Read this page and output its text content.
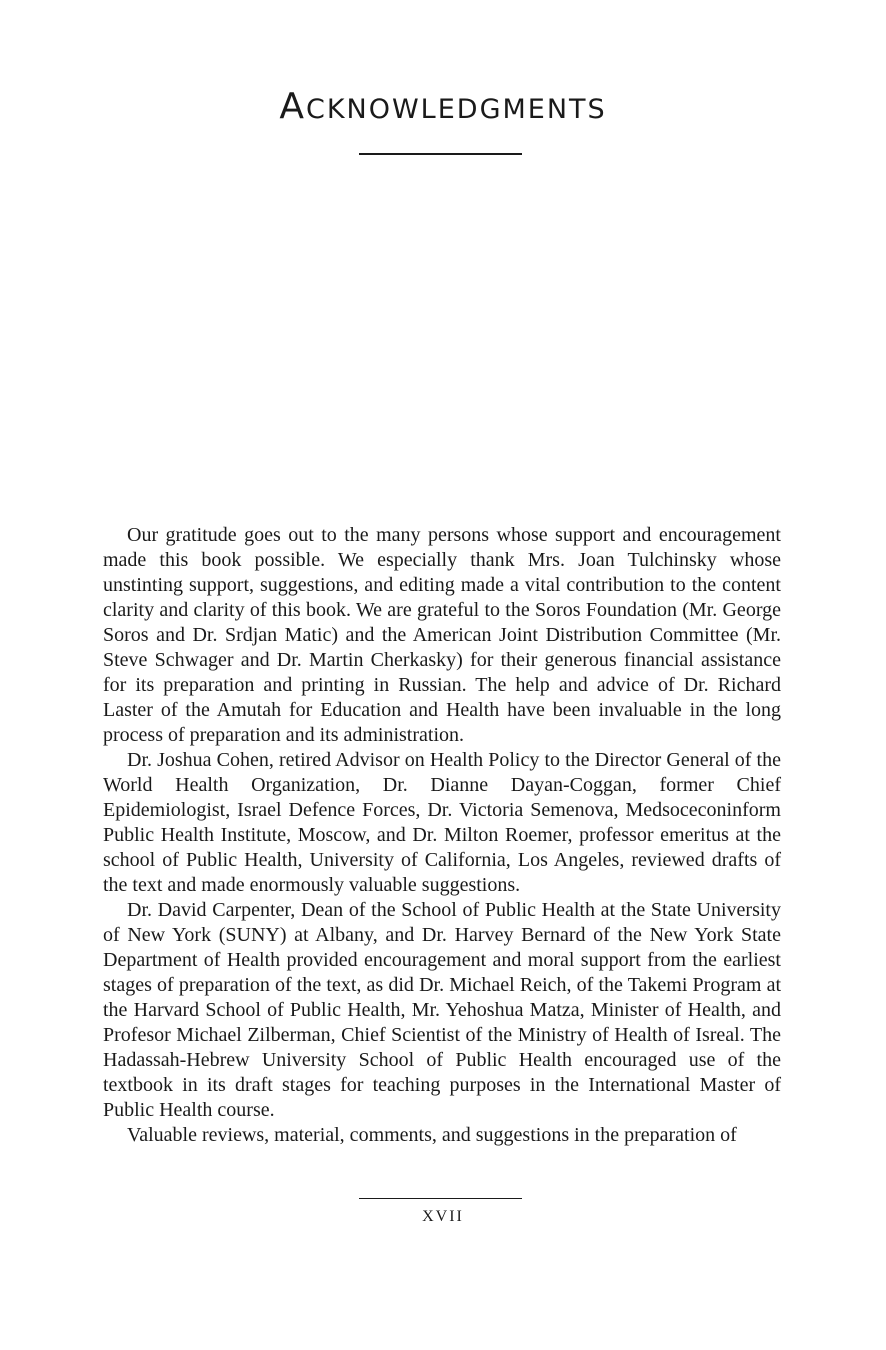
ACKNOWLEDGMENTS

Our gratitude goes out to the many persons whose support and encouragement made this book possible. We especially thank Mrs. Joan Tulchinsky whose unstinting support, suggestions, and editing made a vital contribution to the content clarity and clarity of this book. We are grateful to the Soros Foundation (Mr. George Soros and Dr. Srdjan Matic) and the American Joint Distribution Committee (Mr. Steve Schwager and Dr. Martin Cherkasky) for their generous financial assistance for its preparation and printing in Russian. The help and advice of Dr. Richard Laster of the Amutah for Education and Health have been invaluable in the long process of preparation and its administration.

Dr. Joshua Cohen, retired Advisor on Health Policy to the Director General of the World Health Organization, Dr. Dianne Dayan-Coggan, former Chief Epidemiologist, Israel Defence Forces, Dr. Victoria Semenova, Medsoceconinform Public Health Institute, Moscow, and Dr. Milton Roemer, professor emeritus at the school of Public Health, University of California, Los Angeles, reviewed drafts of the text and made enormously valuable suggestions.

Dr. David Carpenter, Dean of the School of Public Health at the State University of New York (SUNY) at Albany, and Dr. Harvey Bernard of the New York State Department of Health provided encouragement and moral support from the earliest stages of preparation of the text, as did Dr. Michael Reich, of the Takemi Program at the Harvard School of Public Health, Mr. Yehoshua Matza, Minister of Health, and Profesor Michael Zilberman, Chief Scientist of the Ministry of Health of Isreal. The Hadassah-Hebrew University School of Public Health encouraged use of the textbook in its draft stages for teaching purposes in the International Master of Public Health course.

Valuable reviews, material, comments, and suggestions in the preparation of

XVII
